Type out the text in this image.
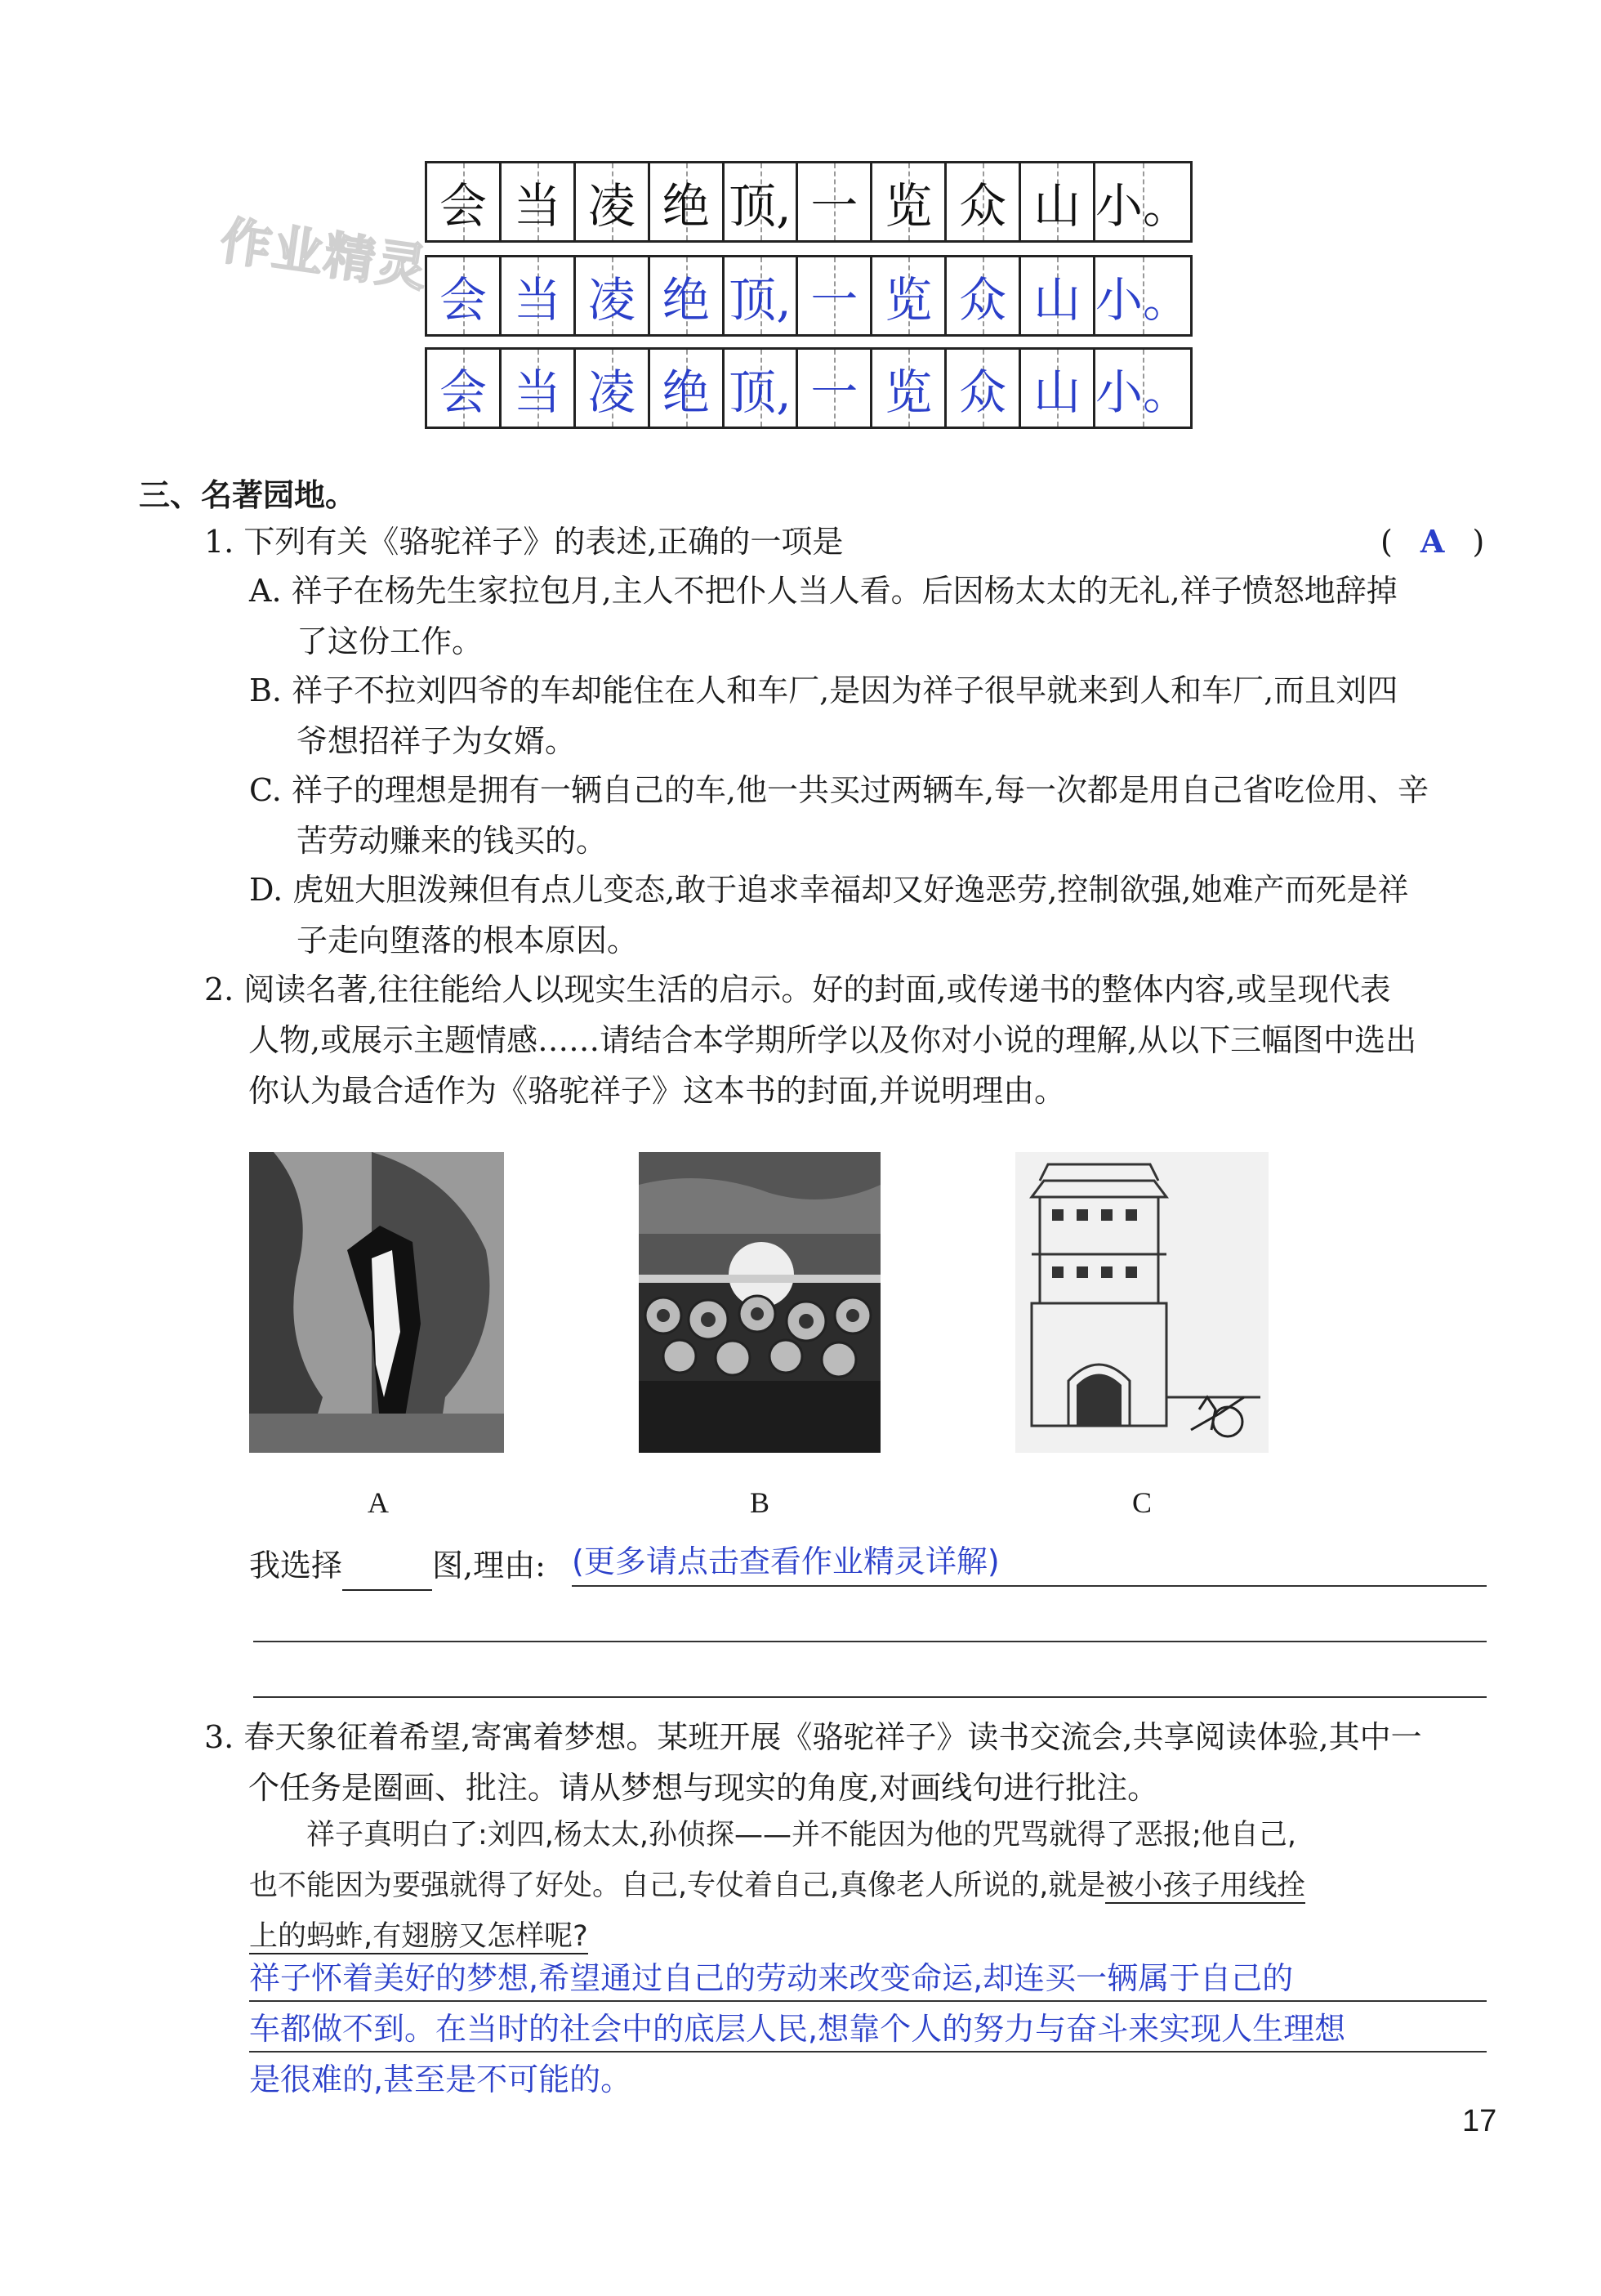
作业精灵
会 当 凌 绝 顶, 一 览 众 山 小。
会 当 凌 绝 顶, 一 览 众 山 小。
会 当 凌 绝 顶, 一 览 众 山 小。
三、名著园地。
1. 下列有关《骆驼祥子》的表述,正确的一项是	( A )
A. 祥子在杨先生家拉包月,主人不把仆人当人看。后因杨太太的无礼,祥子愤怒地辞掉
了这份工作。
B. 祥子不拉刘四爷的车却能住在人和车厂,是因为祥子很早就来到人和车厂,而且刘四
爷想招祥子为女婿。
C. 祥子的理想是拥有一辆自己的车,他一共买过两辆车,每一次都是用自己省吃俭用、辛
苦劳动赚来的钱买的。
D. 虎妞大胆泼辣但有点儿变态,敢于追求幸福却又好逸恶劳,控制欲强,她难产而死是祥
子走向堕落的根本原因。
2. 阅读名著,往往能给人以现实生活的启示。好的封面,或传递书的整体内容,或呈现代表
人物,或展示主题情感……请结合本学期所学以及你对小说的理解,从以下三幅图中选出
你认为最合适作为《骆驼祥子》这本书的封面,并说明理由。
A	B	C
我选择	图,理由: (更多请点击查看作业精灵详解)
3. 春天象征着希望,寄寓着梦想。某班开展《骆驼祥子》读书交流会,共享阅读体验,其中一
个任务是圈画、批注。请从梦想与现实的角度,对画线句进行批注。
祥子真明白了:刘四,杨太太,孙侦探——并不能因为他的咒骂就得了恶报;他自己,
也不能因为要强就得了好处。自己,专仗着自己,真像老人所说的,就是被小孩子用线拴
上的蚂蚱,有翅膀又怎样呢?
祥子怀着美好的梦想,希望通过自己的劳动来改变命运,却连买一辆属于自己的
车都做不到。在当时的社会中的底层人民,想靠个人的努力与奋斗来实现人生理想
是很难的,甚至是不可能的。
17
